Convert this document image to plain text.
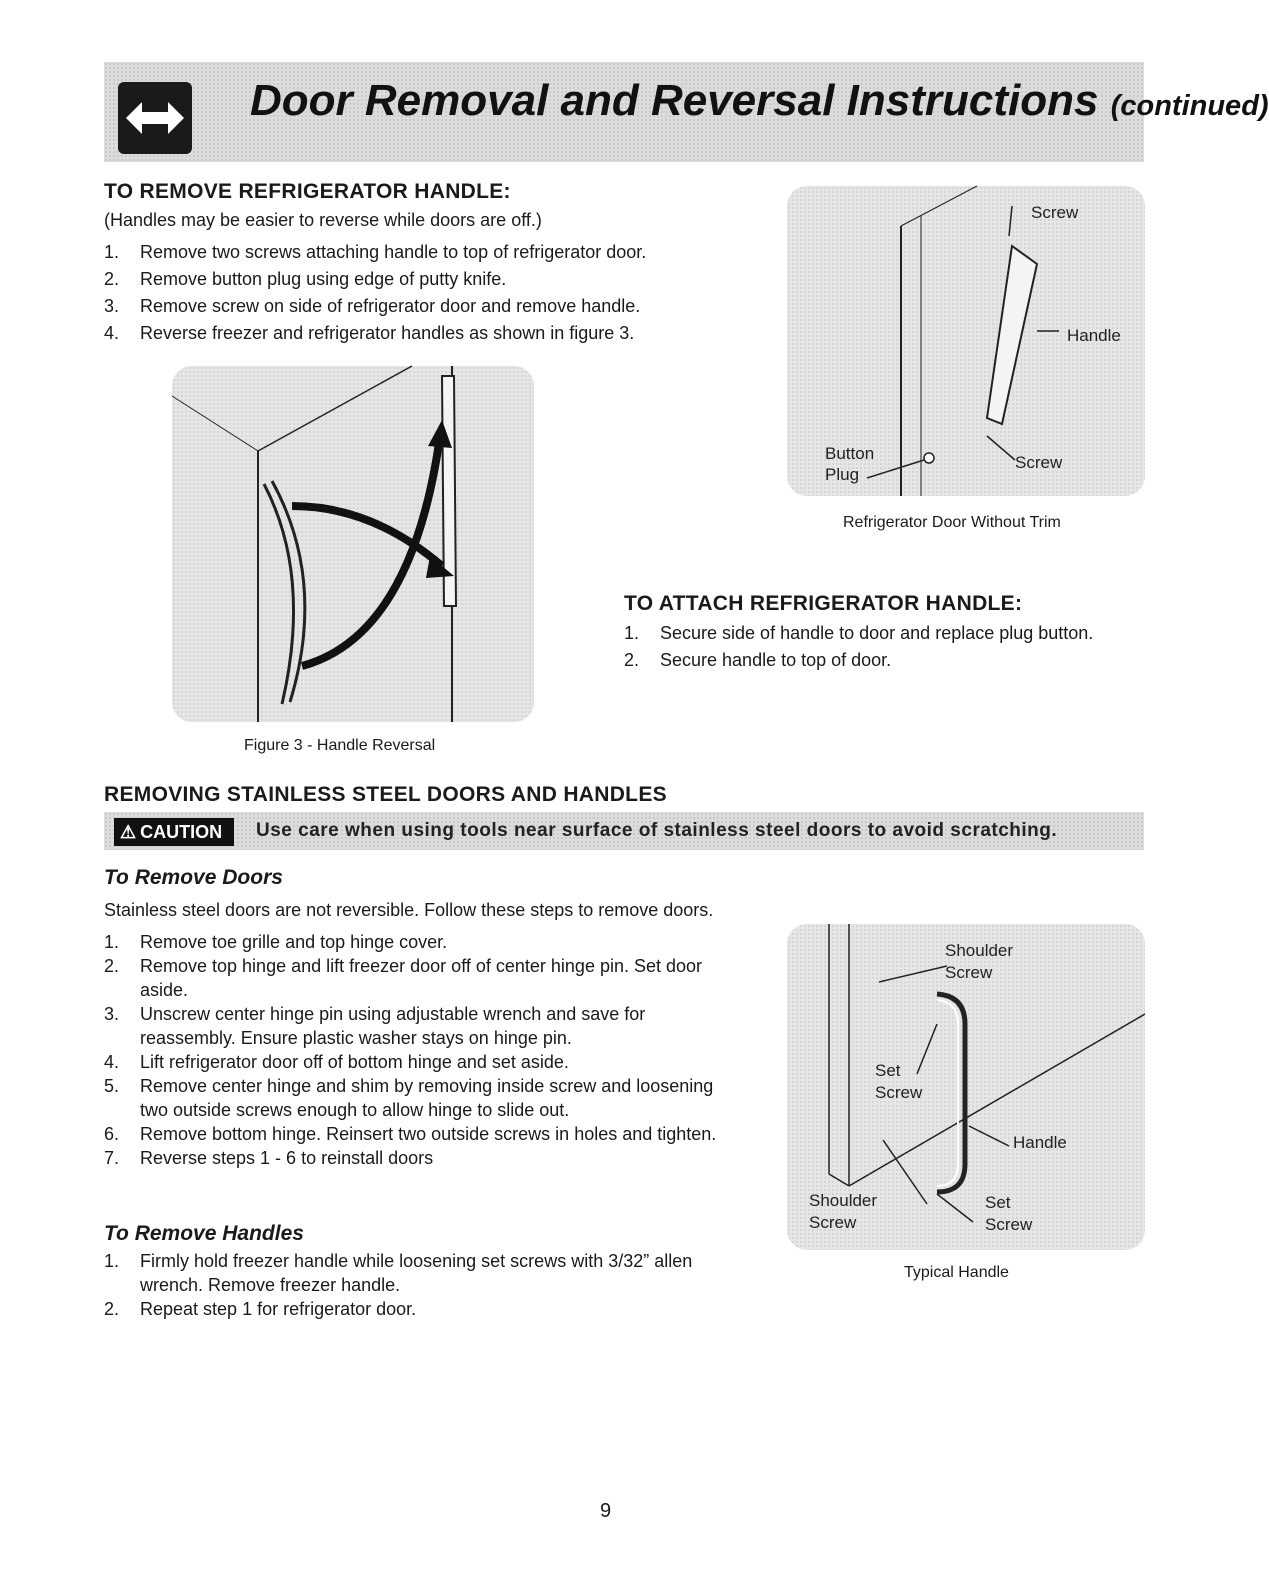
Door Removal and Reversal Instructions (continued)
TO REMOVE REFRIGERATOR HANDLE:
(Handles may be easier to reverse while doors are off.)
1. Remove two screws attaching handle to top of refrigerator door.
2. Remove button plug using edge of putty knife.
3. Remove screw on side of refrigerator door and remove handle.
4. Reverse freezer and refrigerator handles as shown in figure 3.
Figure 3 - Handle Reversal
Screw
Handle
Button
Plug
Screw
Refrigerator Door Without Trim
TO ATTACH REFRIGERATOR HANDLE:
1. Secure side of handle to door and replace plug button.
2. Secure handle to top of door.
REMOVING STAINLESS STEEL DOORS AND HANDLES
⚠ CAUTION	Use care when using tools near surface of stainless steel doors to avoid scratching.
To Remove Doors
Stainless steel doors are not reversible. Follow these steps to remove doors.
1. Remove toe grille and top hinge cover.
2. Remove top hinge and lift freezer door off of center hinge pin. Set door
aside.
3. Unscrew center hinge pin using adjustable wrench and save for
reassembly. Ensure plastic washer stays on hinge pin.
4. Lift refrigerator door off of bottom hinge and set aside.
5. Remove center hinge and shim by removing inside screw and loosening
two outside screws enough to allow hinge to slide out.
6. Remove bottom hinge. Reinsert two outside screws in holes and tighten.
7. Reverse steps 1 - 6 to reinstall doors
To Remove Handles
1. Firmly hold freezer handle while loosening set screws with 3/32” allen
wrench. Remove freezer handle.
2. Repeat step 1 for refrigerator door.
Shoulder
Screw
Set
Screw
Handle
Shoulder
Screw
Set
Screw
Typical Handle
9
